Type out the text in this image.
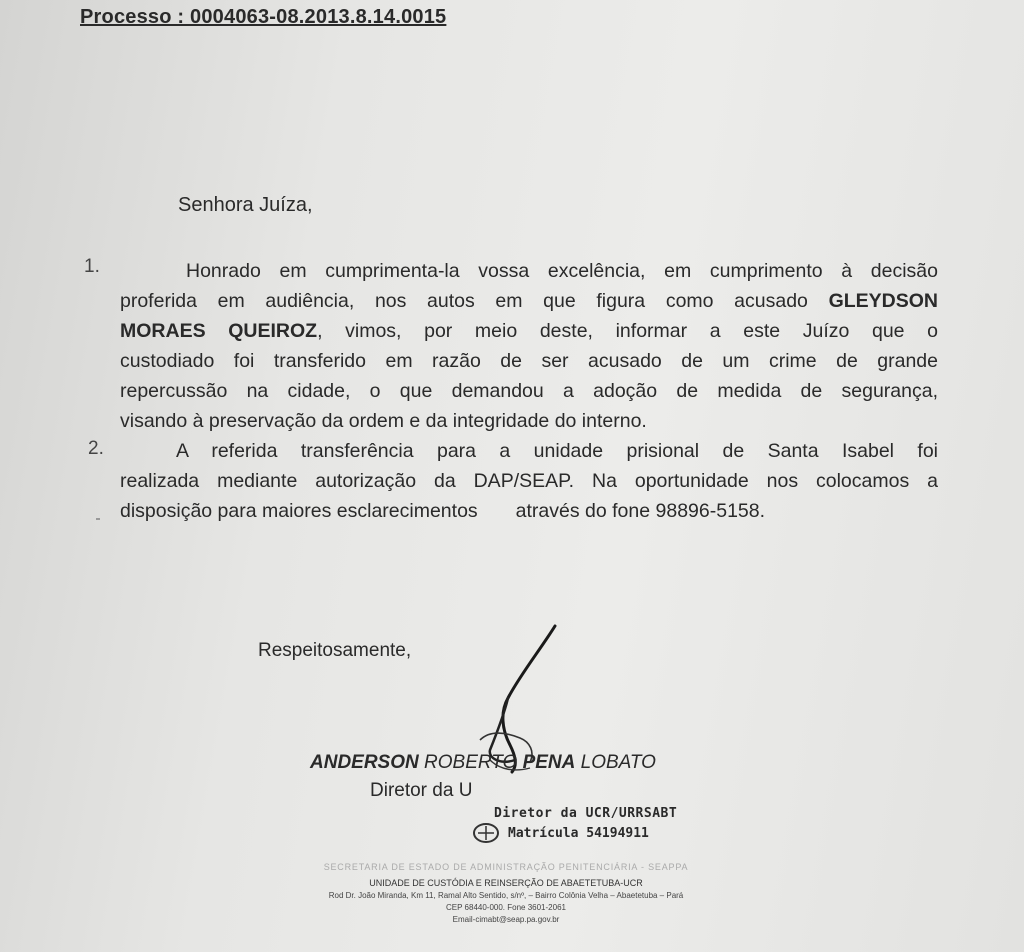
Processo : 0004063-08.2013.8.14.0015

Senhora Juíza,

1.
2.
Honrado em cumprimenta-la vossa excelência, em cumprimento à decisão
proferida em audiência, nos autos em que figura como acusado GLEYDSON
MORAES QUEIROZ, vimos, por meio deste, informar a este Juízo que o
custodiado foi transferido em razão de ser acusado de um crime de grande
repercussão na cidade, o que demandou a adoção de medida de segurança,
visando à preservação da ordem e da integridade do interno.
A referida transferência para a unidade prisional de Santa Isabel foi
realizada mediante autorização da DAP/SEAP. Na oportunidade nos colocamos a
disposição para maiores esclarecimentos através do fone 98896-5158.

Respeitosamente,

ANDERSON ROBERTO PENA LOBATO

Diretor da U

Diretor da UCR/URRSABT

Matrícula 54194911

SECRETARIA DE ESTADO DE ADMINISTRAÇÃO PENITENCIÁRIA - SEAPPA

UNIDADE DE CUSTÓDIA E REINSERÇÃO DE ABAETETUBA-UCR

Rod Dr. João Miranda, Km 11, Ramal Alto Sentido, s/nº, – Bairro Colônia Velha – Abaetetuba – Pará

CEP 68440-000. Fone 3601-2061

Email-cimabt@seap.pa.gov.br
